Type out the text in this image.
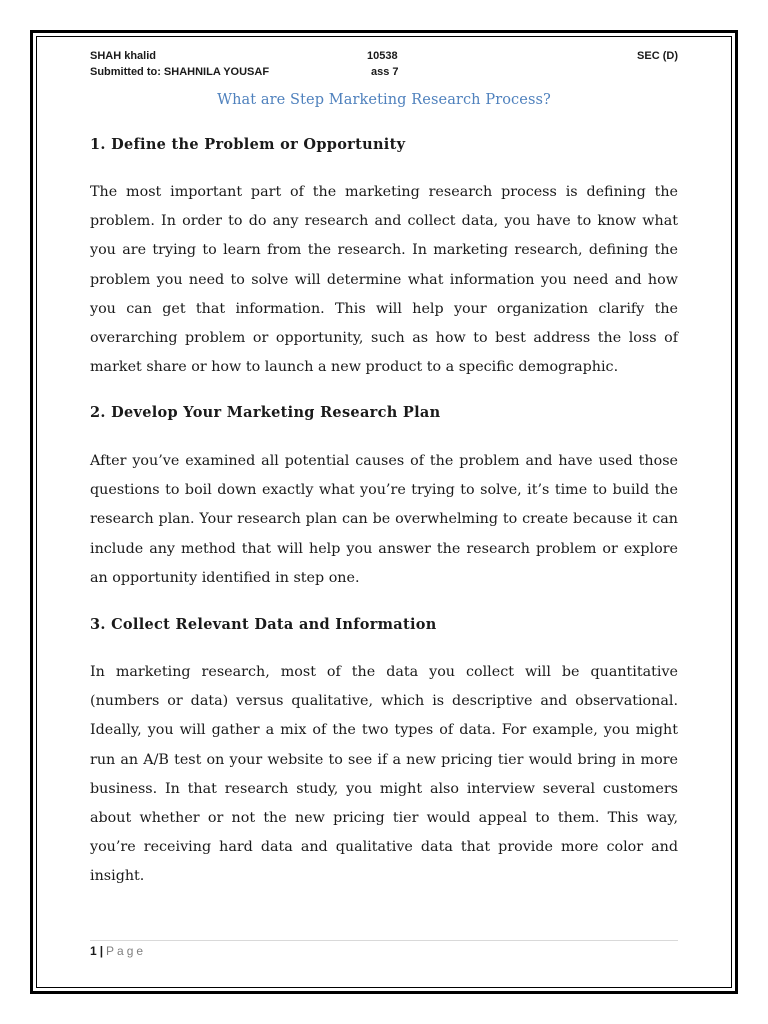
SHAH khalid
Submitted to: SHAHNILA YOUSAF
10538
ass 7
SEC (D)
What are Step Marketing Research Process?
1. Define the Problem or Opportunity

The most important part of the marketing research process is defining the problem. In order to do any research and collect data, you have to know what you are trying to learn from the research. In marketing research, defining the problem you need to solve will determine what information you need and how you can get that information. This will help your organization clarify the overarching problem or opportunity, such as how to best address the loss of market share or how to launch a new product to a specific demographic.

2. Develop Your Marketing Research Plan

After you’ve examined all potential causes of the problem and have used those questions to boil down exactly what you’re trying to solve, it’s time to build the research plan. Your research plan can be overwhelming to create because it can include any method that will help you answer the research problem or explore an opportunity identified in step one.

3. Collect Relevant Data and Information

In marketing research, most of the data you collect will be quantitative (numbers or data) versus qualitative, which is descriptive and observational. Ideally, you will gather a mix of the two types of data. For example, you might run an A/B test on your website to see if a new pricing tier would bring in more business. In that research study, you might also interview several customers about whether or not the new pricing tier would appeal to them. This way, you’re receiving hard data and qualitative data that provide more color and insight.

1 | Page
